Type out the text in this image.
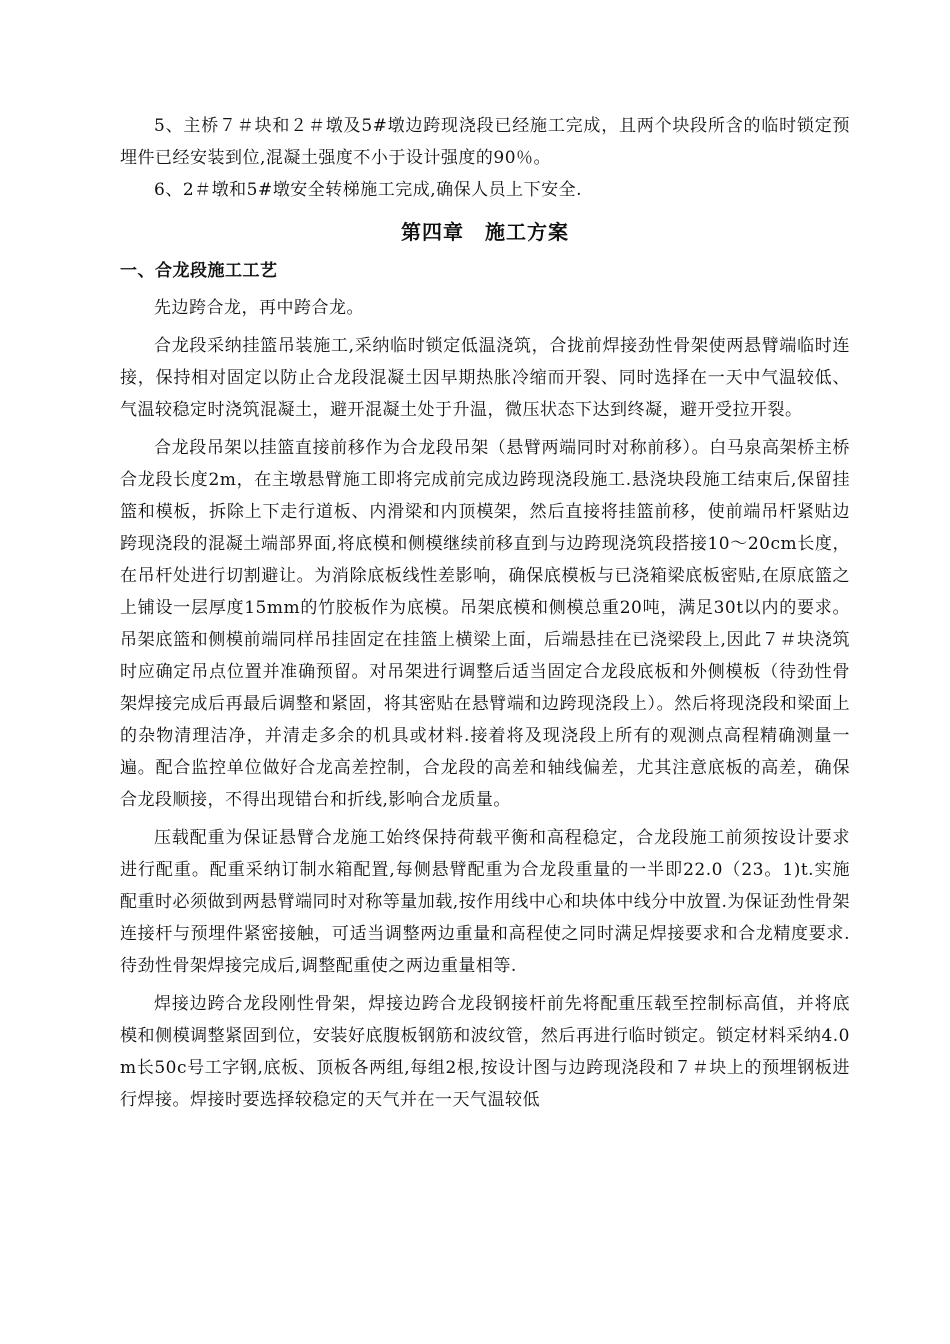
5、主桥７＃块和２＃墩及5#墩边跨现浇段已经施工完成，且两个块段所含的临时锁定预埋件已经安装到位,混凝土强度不小于设计强度的90％。

6、2＃墩和5#墩安全转梯施工完成,确保人员上下安全.

第四章　施工方案
一、合龙段施工工艺

先边跨合龙，再中跨合龙。

合龙段采纳挂篮吊装施工,采纳临时锁定低温浇筑，合拢前焊接劲性骨架使两悬臂端临时连接，保持相对固定以防止合龙段混凝土因早期热胀冷缩而开裂、同时选择在一天中气温较低、气温较稳定时浇筑混凝土，避开混凝土处于升温，微压状态下达到终凝，避开受拉开裂。

合龙段吊架以挂篮直接前移作为合龙段吊架（悬臂两端同时对称前移）。白马泉高架桥主桥合龙段长度2m，在主墩悬臂施工即将完成前完成边跨现浇段施工.悬浇块段施工结束后,保留挂篮和模板，拆除上下走行道板、内滑梁和内顶模架，然后直接将挂篮前移，使前端吊杆紧贴边跨现浇段的混凝土端部界面,将底模和侧模继续前移直到与边跨现浇筑段搭接10～20cm长度，在吊杆处进行切割避让。为消除底板线性差影响，确保底模板与已浇箱梁底板密贴,在原底篮之上铺设一层厚度15mm的竹胶板作为底模。吊架底模和侧模总重20吨，满足30t以内的要求。吊架底篮和侧模前端同样吊挂固定在挂篮上横梁上面，后端悬挂在已浇梁段上,因此７＃块浇筑时应确定吊点位置并准确预留。对吊架进行调整后适当固定合龙段底板和外侧模板（待劲性骨架焊接完成后再最后调整和紧固，将其密贴在悬臂端和边跨现浇段上）。然后将现浇段和梁面上的杂物清理洁净，并清走多余的机具或材料.接着将及现浇段上所有的观测点高程精确测量一遍。配合监控单位做好合龙高差控制，合龙段的高差和轴线偏差，尤其注意底板的高差，确保合龙段顺接，不得出现错台和折线,影响合龙质量。

压载配重为保证悬臂合龙施工始终保持荷载平衡和高程稳定，合龙段施工前须按设计要求进行配重。配重采纳订制水箱配置,每侧悬臂配重为合龙段重量的一半即22.0（23。1)t.实施配重时必须做到两悬臂端同时对称等量加载,按作用线中心和块体中线分中放置.为保证劲性骨架连接杆与预埋件紧密接触，可适当调整两边重量和高程使之同时满足焊接要求和合龙精度要求.待劲性骨架焊接完成后,调整配重使之两边重量相等.

焊接边跨合龙段刚性骨架，焊接边跨合龙段钢接杆前先将配重压载至控制标高值，并将底模和侧模调整紧固到位，安装好底腹板钢筋和波纹管，然后再进行临时锁定。锁定材料采纳4.0m长50c号工字钢,底板、顶板各两组,每组2根,按设计图与边跨现浇段和７＃块上的预埋钢板进行焊接。焊接时要选择较稳定的天气并在一天气温较低
